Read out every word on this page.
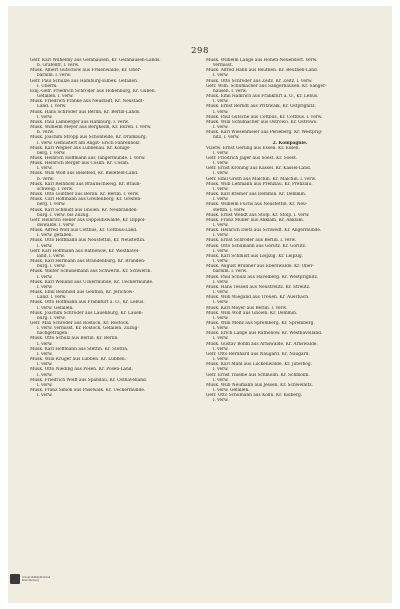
298
Gefr. Karl Wilhelmy aus Gelnhausen, Kr. Gelnhausen-Lands.
b. Grafentr. l. verw.
Musk. Albert Gütschow aus Freienwalde, Kr. Ober-
barnim. l. verw.
Gefr. Paul Schulze aus Hamburg-Eilbek. Gefallen.
l. Überm.
Einj.-Gefr. Friedrich Schröder aus Hohenburg, Kr. Guben.
Gefallen. l. verw.
Musk. Friedrich Franke aus Neustadt, Kr. Neustadt-
Land. l. verw.
Musk. Hans Schröder aus Berlin, Kr. Berlin-Lands.
l. verw.
Musk. Paul Lamberger aus Hamburg. l. verw.
Musk. Wilhelm Meyer aus Bergheim, Kr. Buren. l. verw.
b. verw.
Musk. Joachim Stropp aus Schönfelde, Kr. Dramburg.
l. verw. Gemustert am Angst- Erich Fahrenholz.
Musk. Karl Wegner aus Lübbenau. Kr. Königs-
berg. l. verw.
Musk. Heinrich Hoffmann aus Tangermünde. l. verw.
Musk. Heinrich Berger aus Cöslin. Kr. Cöslin.
l. verw.
Musk. Willi Wolf aus Bielefeld, Kr. Bielefeld-Land.
b. verw.
Musk. Karl Reinhold aus Braunschweig. Kr. Braun-
schweig. l. verw.
Musk. Otto Günther aus Berlin. Kr. Berlin. l. verw.
Musk. Carl Hoffmann aus Greifenberg, Kr. Greifen-
berg. l. verw.
Musk. Karl Schmidt aus Gnoien. Kr. Neubranden-
burg. l. verw. bis Zuzug.
Gefr. Heinrich Heller aus Dippoldiswalde, Kr. Dippol-
diswalde. l. verw.
Musk. Alfred Wolf aus Cottbus, Kr. Cottbus-Land.
l. verw. gefallen.
Musk. Otto Hoffmann aus Neustettin, Kr. Neustettin.
l. verw.
Gefr. Karl Hoffmann aus Rathenow, Kr. Westhavel-
land. l. verw.
Musk. Karl Hermann aus Brandenburg. Kr. Branden-
burg. l. verw.
Musk. Walter Schünemann aus Schwerin. Kr. Schwerin.
l. verw.
Musk. Karl Weiland aus Uckermünde, Kr. Ueckermünde.
l. verw.
Musk. Emil Reinhold aus Genthin, Kr. Jerichow-
Land. l. verw.
Musk. Otto Hoffmann aus Frankfurt a. O., Kr. Lebus.
l. verw. Gefallen.
Musk. Joachim Schröder aus Lauenburg, Kr. Lauen-
burg. l. verw.
Gefr. Max Schröder aus Rostock, Kr. Rostock.
l. verw. vermisst. Kr. Rostock. Gefallen. Zuzug-
nachgetragen.
Musk. Otto Schulz aus Berlin. Kr. Berlin.
l. verw.
Musk. Karl Hoffmann aus Stettin. Kr. Stettin.
l. verw.
Musk. Willi Krüger aus Lübben. Kr. Lübben.
l. verw.
Musk. Otto Nieding aus Posen. Kr. Posen-Land.
l. verw.
Musk. Friedrich Wolff aus Spandau, Kr. Osthavelland.
l. verw.
Musk. Franz Simon aus Pasewalk. Kr. Ueckermünde.
l. verw.
Musk. Wilhelm Lange aus Hohen-Neuendorf. Verw.
vermisst.
Musk. Alfred Hahn aus Beuthen. Kr. Beuthen-Land.
l. verw.
Musk. Otto Schröder aus Zeitz. Kr. Zeitz. l. verw.
Gefr. Wilh. Schumacher aus Sangerhausen. Kr. Sanger-
hausen. l. verw.
Musk. Emil Hamrich aus Frankfurt a. O., Kr. Lebus.
l. verw.
Musk. Ernst Berndt aus Pritzwalk, Kr. Ostprignitz.
l. verw.
Musk. Paul Gutsche aus Cottbus, Kr. Cottbus. l. verw.
Musk. Willi Schumacher aus Ostrowo. Kr. Ostrowo.
l. verw.
Musk. Karl Wiesenmeier aus Perleberg. Kr. Westprig-
nitz. l. verw.
2. Kompagnie.
Vizefw. Ernst Gerling aus Essen. Kr. Essen.
l. verw.
Gefr. Friedrich Jäger aus Soest. Kr. Soest.
l. verw.
Gefr. Ernst Kröning aus Kassel. Kr. Kassel-Land.
l. verw.
Gefr. Emil Groth aus Malchin. Kr. Malchin. l. verw.
Musk. Willi Lehmann aus Prenzlau. Kr. Prenzlau.
l. verw.
Musk. Karl Bremer aus Demmin. Kr. Demmin.
l. verw.
Musk. Wilhelm Fuchs aus Neustettin. Kr. Neu-
stettin. l. verw.
Musk. Ernst Wendt aus Stolp. Kr. Stolp. l. verw.
Musk. Franz Müller aus Anklam. Kr. Anklam.
l. verw.
Musk. Heinrich Dietz aus Schwedt. Kr. Angermünde.
l. verw.
Musk. Ernst Schröder aus Berlin. l. verw.
Musk. Otto Schumann aus Görlitz. Kr. Görlitz.
l. verw.
Musk. Karl Schmidt aus Leipzig. Kr. Leipzig.
l. verw.
Musk. August Brunner aus Eberswalde. Kr. Ober-
barnim. l. verw.
Musk. Paul Schulz aus Havelberg. Kr. Westprignitz.
l. verw.
Musk. Hans Tessell aus Neustrelitz. Kr. Strelitz.
l. verw.
Musk. Willi Wiegand aus Treuen. Kr. Auerbach.
l. verw.
Musk. Karl Meyer aus Berlin. l. verw.
Musk. Willi Wolf aus Gnoien. Kr. Demmin.
l. verw.
Musk. Willi Menz aus Spremberg. Kr. Spremberg.
l. verw.
Musk. Erich Lange aus Rathenow. Kr. Westhavelland.
l. verw.
Musk. Gustav Böhm aus Arnswalde. Kr. Arnswalde.
l. verw.
Gefr. Otto Bernhard aus Naugard. Kr. Naugard.
l. verw.
Musk. Karl Mahl aus Luckenwalde. Kr. Jüterbog.
l. verw.
Gefr. Ernst Thieme aus Schmölln. Kr. Schmölln.
l. verw.
Musk. Willi Neumann aus Jessen. Kr. Schweinitz.
l. verw. Gefallen.
Gefr. Otto Schumann aus Kölln. Kr. Kolberg.
l. verw.
Universitätsbibliothek
Brandenburg
